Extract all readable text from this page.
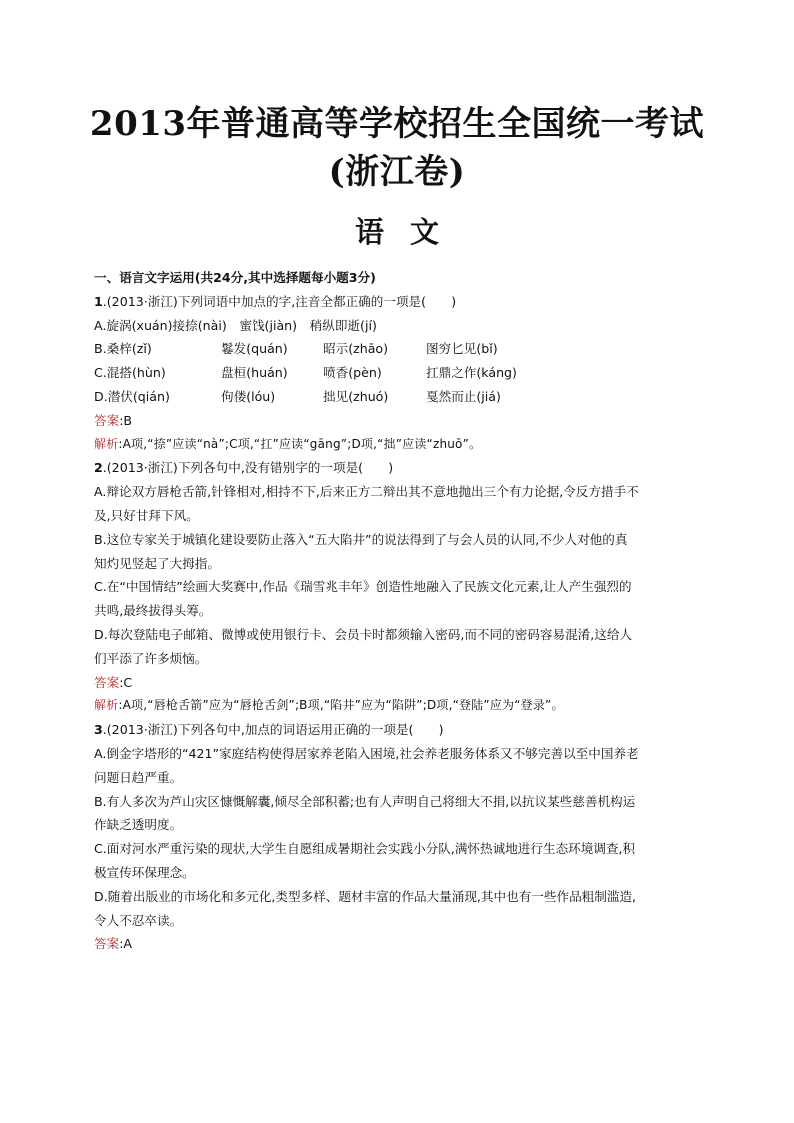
2013年普通高等学校招生全国统一考试
(浙江卷)
语文
一、语言文字运用(共24分,其中选择题每小题3分)
1.(2013·浙江)下列词语中加点的字,注音全都正确的一项是(　　)
A.旋涡(xuán)接捺(nài)　蜜饯(jiàn)　稍纵即逝(jí)
B.桑梓(zǐ)	鬈发(quán)	昭示(zhāo)	图穷匕见(bǐ)
C.混搭(hùn)	盘桓(huán)	喷香(pèn)	扛鼎之作(káng)
D.潜伏(qián)	佝偻(lóu)	拙见(zhuó)	戛然而止(jiá)
答案:B
解析:A项,“捺”应读“nà”;C项,“扛”应读“gāng”;D项,“拙”应读“zhuō”。
2.(2013·浙江)下列各句中,没有错别字的一项是(　　)
A.辩论双方唇枪舌箭,针锋相对,相持不下,后来正方二辩出其不意地抛出三个有力论据,令反方措手不
及,只好甘拜下风。
B.这位专家关于城镇化建设要防止落入“五大陷井”的说法得到了与会人员的认同,不少人对他的真
知灼见竖起了大拇指。
C.在“中国情结”绘画大奖赛中,作品《瑞雪兆丰年》创造性地融入了民族文化元素,让人产生强烈的
共鸣,最终拔得头筹。
D.每次登陆电子邮箱、微博或使用银行卡、会员卡时都须输入密码,而不同的密码容易混淆,这给人
们平添了许多烦恼。
答案:C
解析:A项,“唇枪舌箭”应为“唇枪舌剑”;B项,“陷井”应为“陷阱”;D项,“登陆”应为“登录”。
3.(2013·浙江)下列各句中,加点的词语运用正确的一项是(　　)
A.倒金字塔形的“421”家庭结构使得居家养老陷入困境,社会养老服务体系又不够完善以至中国养老
问题日趋严重。
B.有人多次为芦山灾区慷慨解囊,倾尽全部积蓄;也有人声明自己将细大不捐,以抗议某些慈善机构运
作缺乏透明度。
C.面对河水严重污染的现状,大学生自愿组成暑期社会实践小分队,满怀热诚地进行生态环境调查,积
极宣传环保理念。
D.随着出版业的市场化和多元化,类型多样、题材丰富的作品大量涌现,其中也有一些作品粗制滥造,
令人不忍卒读。
答案:A
